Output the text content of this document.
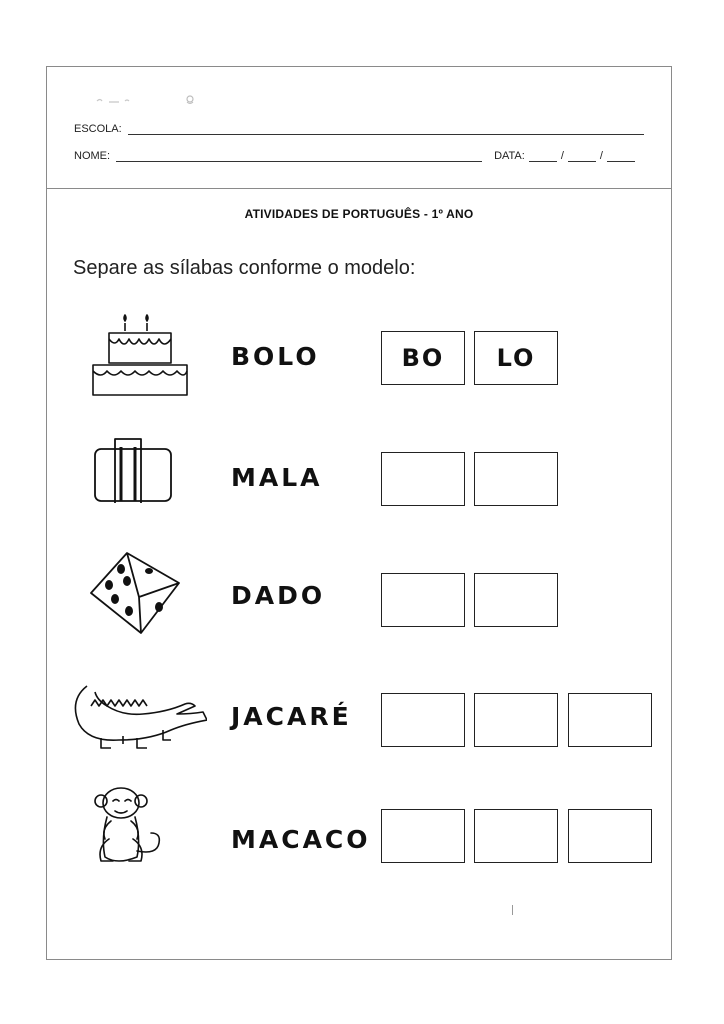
ESCOLA:
NOME:	DATA:	/	/
ATIVIDADES DE PORTUGUÊS - 1º ANO
Separe as sílabas conforme o modelo:
BOLO	BO	LO
MALA
DADO
JACARÉ
MACACO
